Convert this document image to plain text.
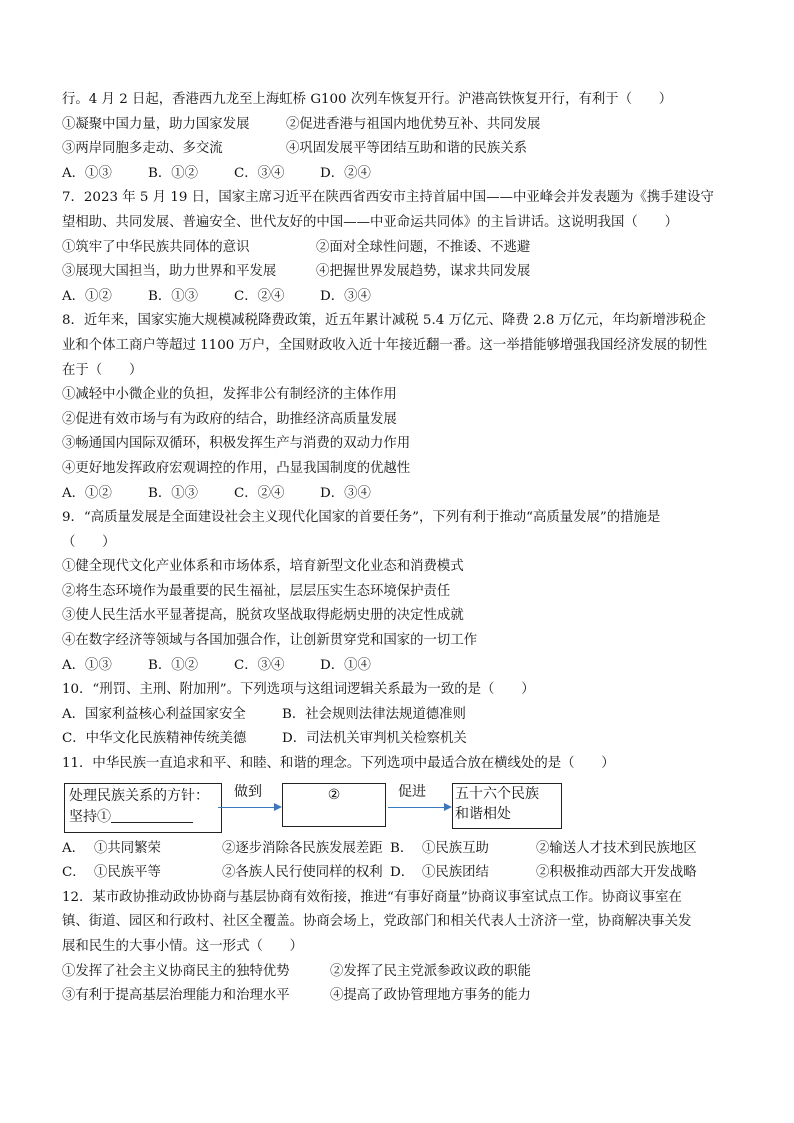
行。4 月 2 日起，香港西九龙至上海虹桥 G100 次列车恢复开行。沪港高铁恢复开行，有利于（　　）
①凝聚中国力量，助力国家发展	②促进香港与祖国内地优势互补、共同发展
③两岸同胞多走动、多交流	④巩固发展平等团结互助和谐的民族关系
A．①③	B．①②	C．③④	D．②④
7．2023 年 5 月 19 日，国家主席习近平在陕西省西安市主持首届中国——中亚峰会并发表题为《携手建设守
望相助、共同发展、普遍安全、世代友好的中国——中亚命运共同体》的主旨讲话。这说明我国（　　）
①筑牢了中华民族共同体的意识	②面对全球性问题，不推诿、不逃避
③展现大国担当，助力世界和平发展	④把握世界发展趋势，谋求共同发展
A．①②	B．①③	C．②④	D．③④
8．近年来，国家实施大规模减税降费政策，近五年累计减税 5.4 万亿元、降费 2.8 万亿元，年均新增涉税企
业和个体工商户等超过 1100 万户，全国财政收入近十年接近翻一番。这一举措能够增强我国经济发展的韧性
在于（　　）
①减轻中小微企业的负担，发挥非公有制经济的主体作用
②促进有效市场与有为政府的结合，助推经济高质量发展
③畅通国内国际双循环，积极发挥生产与消费的双动力作用
④更好地发挥政府宏观调控的作用，凸显我国制度的优越性
A．①②	B．①③	C．②④	D．③④
9．“高质量发展是全面建设社会主义现代化国家的首要任务”，下列有利于推动“高质量发展”的措施是
（　　）
①健全现代文化产业体系和市场体系，培育新型文化业态和消费模式
②将生态环境作为最重要的民生福祉，层层压实生态环境保护责任
③使人民生活水平显著提高，脱贫攻坚战取得彪炳史册的决定性成就
④在数字经济等领域与各国加强合作，让创新贯穿党和国家的一切工作
A．①③	B．①②	C．③④	D．①④
10．“刑罚、主刑、附加刑”。下列选项与这组词逻辑关系最为一致的是（　　）
A．国家利益核心利益国家安全	B．社会规则法律法规道德准则
C．中华文化民族精神传统美德	D．司法机关审判机关检察机关
11．中华民族一直追求和平、和睦、和谐的理念。下列选项中最适合放在横线处的是（　　）
处理民族关系的方针：
坚持①
做到	②	促进 五十六个民族
和谐相处
A． ①共同繁荣	②逐步消除各民族发展差距 B． ①民族互助	②输送人才技术到民族地区
C． ①民族平等	②各族人民行使同样的权利 D． ①民族团结	②积极推动西部大开发战略
12．某市政协推动政协协商与基层协商有效衔接，推进“有事好商量”协商议事室试点工作。协商议事室在
镇、街道、园区和行政村、社区全覆盖。协商会场上，党政部门和相关代表人士济济一堂，协商解决事关发
展和民生的大事小情。这一形式（　　）
①发挥了社会主义协商民主的独特优势	②发挥了民主党派参政议政的职能
③有利于提高基层治理能力和治理水平	④提高了政协管理地方事务的能力
